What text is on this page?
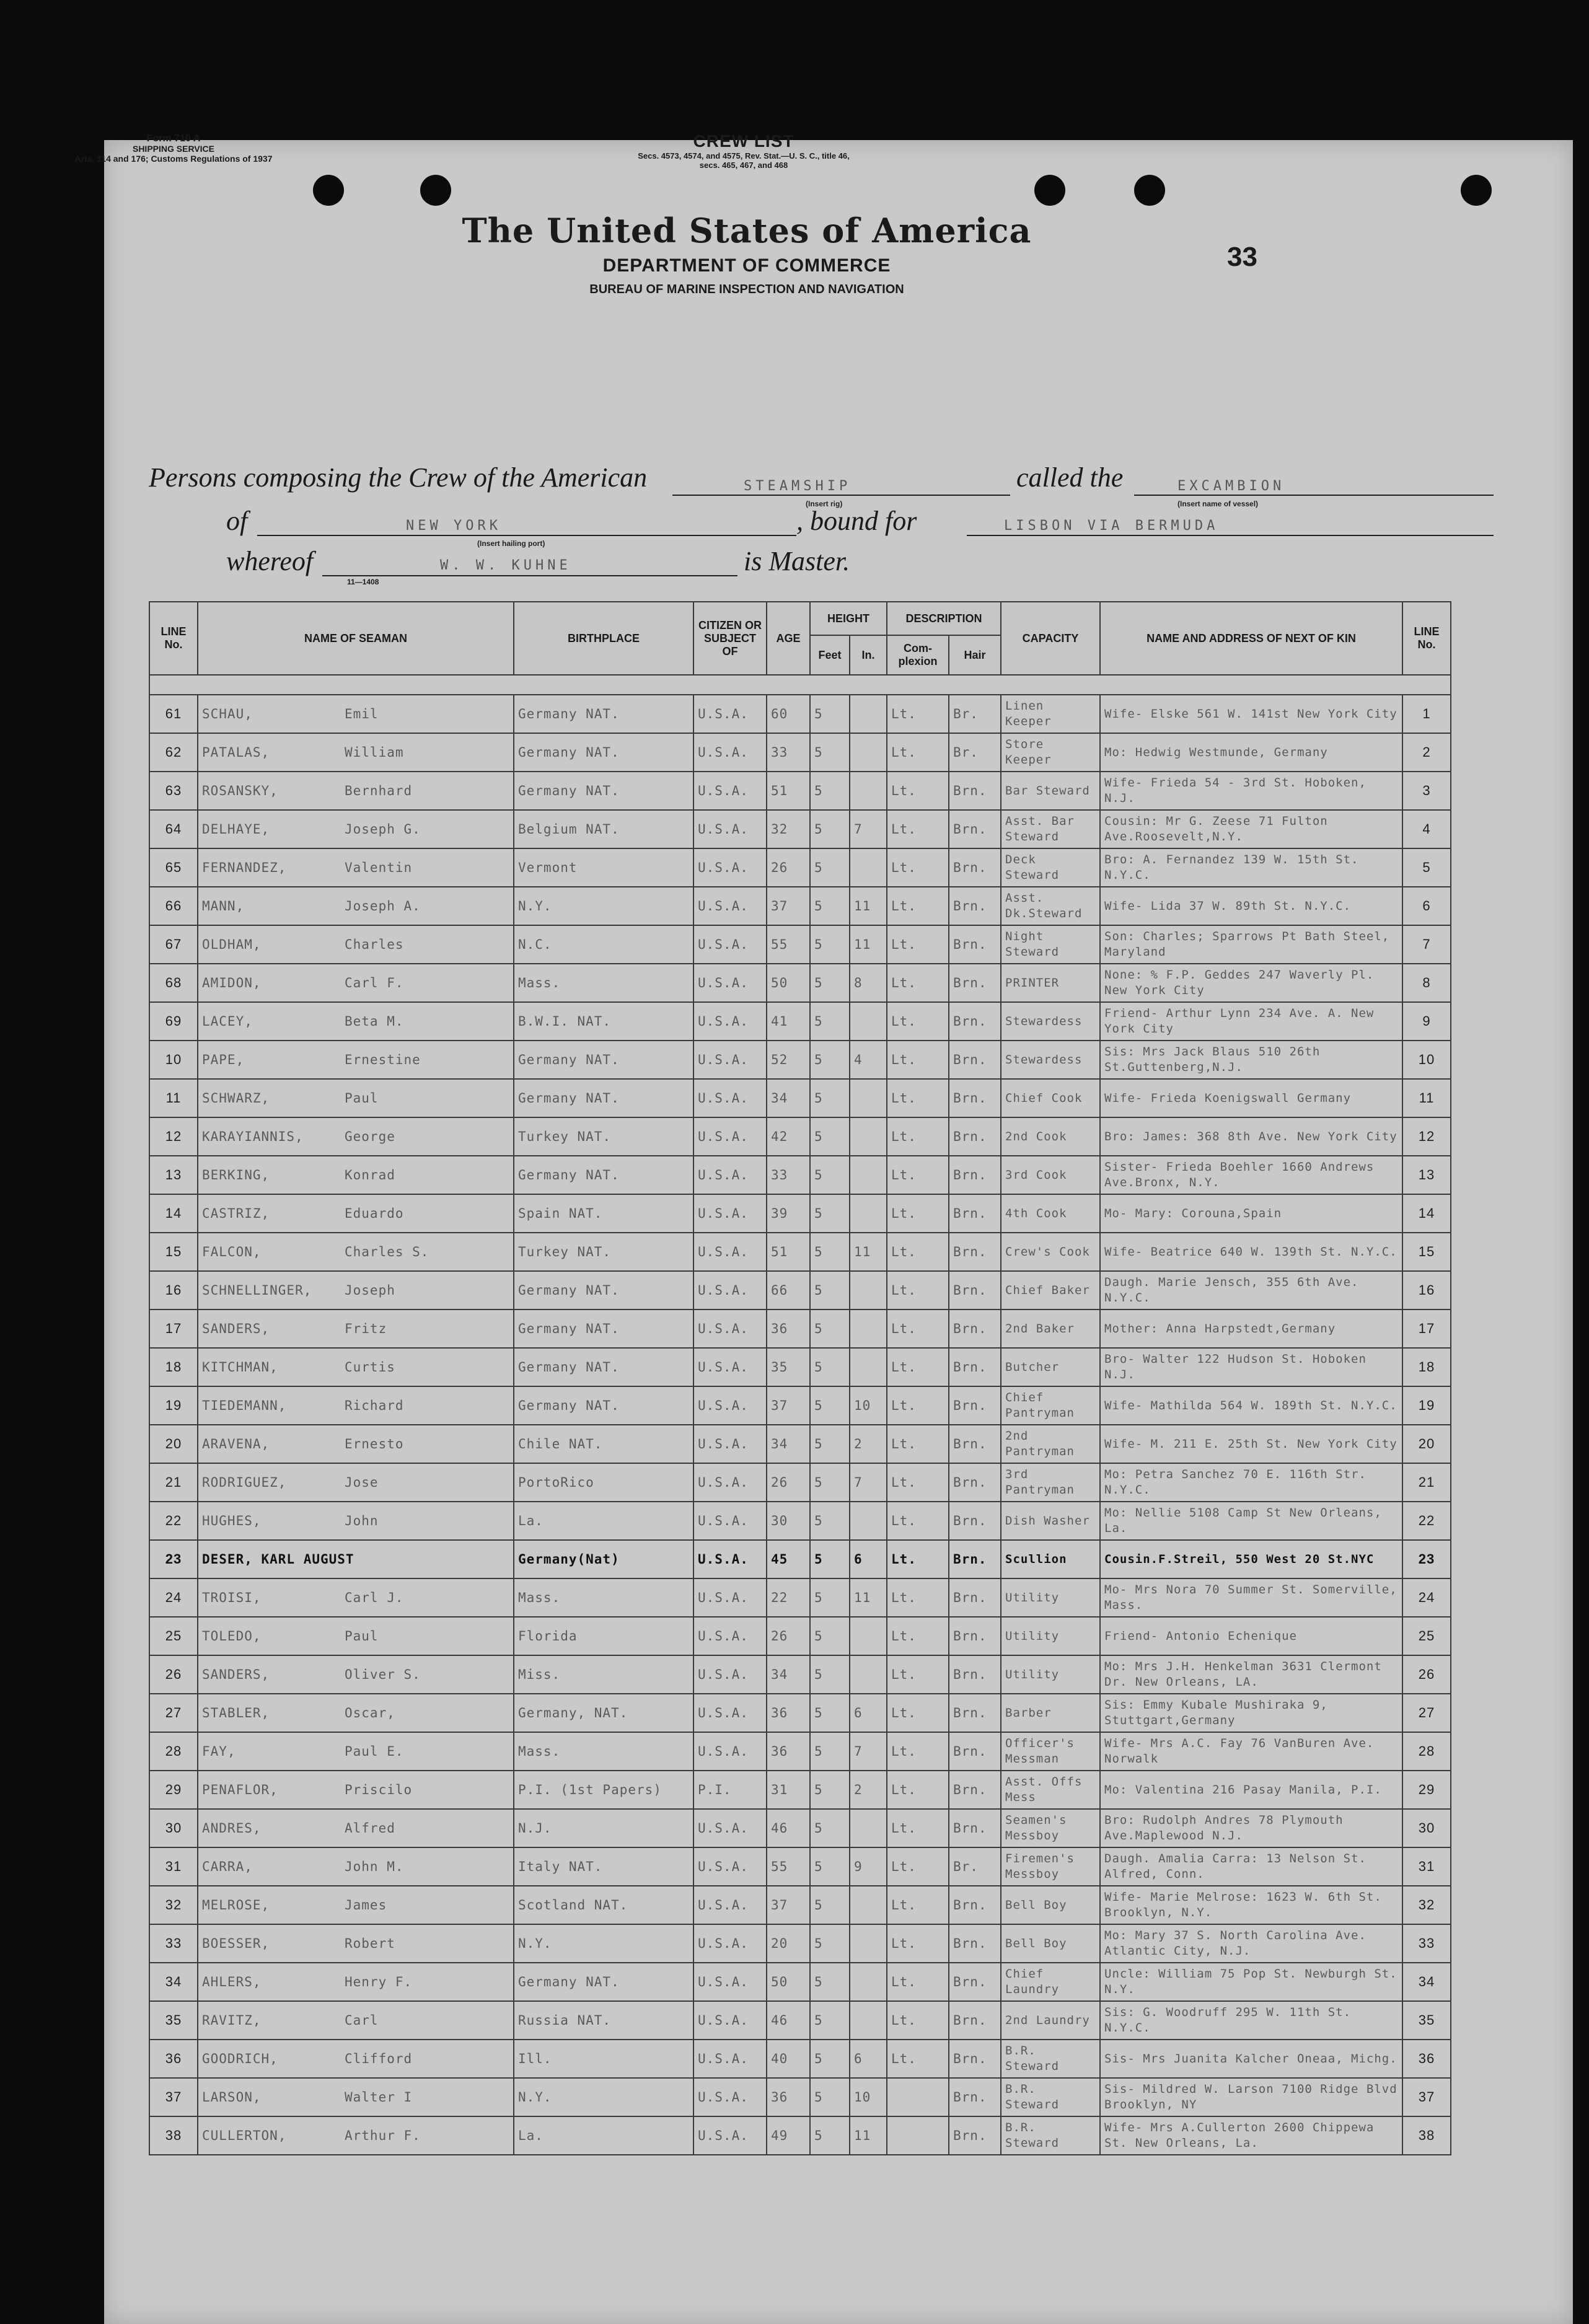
Form 710 A
SHIPPING SERVICE
Arts. 114 and 176; Customs Regulations of 1937
CREW LIST
Secs. 4573, 4574, and 4575, Rev. Stat.—U. S. C., title 46,
secs. 465, 467, and 468
The United States of America
DEPARTMENT OF COMMERCE
BUREAU OF MARINE INSPECTION AND NAVIGATION
33
Persons composing the Crew of the American	STEAMSHIP
(Insert rig)
called the	EXCAMBION
(Insert name of vessel)
of	NEW YORK
(Insert hailing port)
, bound for	LISBON VIA BERMUDA
whereof	W. W. KUHNE	is Master.
11—1408
LINE No.	NAME OF SEAMAN	BIRTHPLACE	CITIZEN OR SUBJECT OF	AGE	HEIGHT		DESCRIPTION		CAPACITY	NAME AND ADDRESS OF NEXT OF KIN	LINE No.
					Feet	In.	Com-plexion	Hair			

61	SCHAU, Emil	Germany NAT.	U.S.A.	60	5		Lt.	Br.	Linen Keeper	Wife- Elske 561 W. 141st New York City	1
62	PATALAS, William	Germany NAT.	U.S.A.	33	5		Lt.	Br.	Store Keeper	Mo: Hedwig Westmunde, Germany	2
63	ROSANSKY, Bernhard	Germany NAT.	U.S.A.	51	5		Lt.	Brn.	Bar Steward	Wife- Frieda 54 - 3rd St. Hoboken, N.J.	3
64	DELHAYE, Joseph G.	Belgium NAT.	U.S.A.	32	5	7	Lt.	Brn.	Asst. Bar Steward	Cousin: Mr G. Zeese 71 Fulton Ave.Roosevelt,N.Y.	4
65	FERNANDEZ, Valentin	Vermont	U.S.A.	26	5		Lt.	Brn.	Deck Steward	Bro: A. Fernandez 139 W. 15th St. N.Y.C.	5
66	MANN, Joseph A.	N.Y.	U.S.A.	37	5	11	Lt.	Brn.	Asst. Dk.Steward	Wife- Lida 37 W. 89th St. N.Y.C.	6
67	OLDHAM, Charles	N.C.	U.S.A.	55	5	11	Lt.	Brn.	Night Steward	Son: Charles; Sparrows Pt Bath Steel, Maryland	7
68	AMIDON, Carl F.	Mass.	U.S.A.	50	5	8	Lt.	Brn.	PRINTER	None: % F.P. Geddes 247 Waverly Pl. New York City	8
69	LACEY, Beta M.	B.W.I. NAT.	U.S.A.	41	5		Lt.	Brn.	Stewardess	Friend- Arthur Lynn 234 Ave. A. New York City	9
10	PAPE, Ernestine	Germany NAT.	U.S.A.	52	5	4	Lt.	Brn.	Stewardess	Sis: Mrs Jack Blaus 510 26th St.Guttenberg,N.J.	10
11	SCHWARZ, Paul	Germany NAT.	U.S.A.	34	5		Lt.	Brn.	Chief Cook	Wife- Frieda Koenigswall Germany	11
12	KARAYIANNIS, George	Turkey NAT.	U.S.A.	42	5		Lt.	Brn.	2nd Cook	Bro: James: 368 8th Ave. New York City	12
13	BERKING, Konrad	Germany NAT.	U.S.A.	33	5		Lt.	Brn.	3rd Cook	Sister- Frieda Boehler 1660 Andrews Ave.Bronx, N.Y.	13
14	CASTRIZ, Eduardo	Spain NAT.	U.S.A.	39	5		Lt.	Brn.	4th Cook	Mo- Mary: Corouna,Spain	14
15	FALCON, Charles S.	Turkey NAT.	U.S.A.	51	5	11	Lt.	Brn.	Crew's Cook	Wife- Beatrice 640 W. 139th St. N.Y.C.	15
16	SCHNELLINGER, Joseph	Germany NAT.	U.S.A.	66	5		Lt.	Brn.	Chief Baker	Daugh. Marie Jensch, 355 6th Ave. N.Y.C.	16
17	SANDERS, Fritz	Germany NAT.	U.S.A.	36	5		Lt.	Brn.	2nd Baker	Mother: Anna Harpstedt,Germany	17
18	KITCHMAN, Curtis	Germany NAT.	U.S.A.	35	5		Lt.	Brn.	Butcher	Bro- Walter 122 Hudson St. Hoboken N.J.	18
19	TIEDEMANN, Richard	Germany NAT.	U.S.A.	37	5	10	Lt.	Brn.	Chief Pantryman	Wife- Mathilda 564 W. 189th St. N.Y.C.	19
20	ARAVENA, Ernesto	Chile NAT.	U.S.A.	34	5	2	Lt.	Brn.	2nd Pantryman	Wife- M. 211 E. 25th St. New York City	20
21	RODRIGUEZ, Jose	PortoRico	U.S.A.	26	5	7	Lt.	Brn.	3rd Pantryman	Mo: Petra Sanchez 70 E. 116th Str. N.Y.C.	21
22	HUGHES, John	La.	U.S.A.	30	5		Lt.	Brn.	Dish Washer	Mo: Nellie 5108 Camp St New Orleans, La.	22
23	DESER, KARL AUGUST	Germany(Nat)	U.S.A.	45	5	6	Lt.	Brn.	Scullion	Cousin.F.Streil, 550 West 20 St.NYC	23
24	TROISI, Carl J.	Mass.	U.S.A.	22	5	11	Lt.	Brn.	Utility	Mo- Mrs Nora 70 Summer St. Somerville, Mass.	24
25	TOLEDO, Paul	Florida	U.S.A.	26	5		Lt.	Brn.	Utility	Friend- Antonio Echenique	25
26	SANDERS, Oliver S.	Miss.	U.S.A.	34	5		Lt.	Brn.	Utility	Mo: Mrs J.H. Henkelman 3631 Clermont Dr. New Orleans, LA.	26
27	STABLER, Oscar,	Germany, NAT.	U.S.A.	36	5	6	Lt.	Brn.	Barber	Sis: Emmy Kubale Mushiraka 9, Stuttgart,Germany	27
28	FAY, Paul E.	Mass.	U.S.A.	36	5	7	Lt.	Brn.	Officer's Messman	Wife- Mrs A.C. Fay 76 VanBuren Ave. Norwalk	28
29	PENAFLOR, Priscilo	P.I. (1st Papers)	P.I.	31	5	2	Lt.	Brn.	Asst. Offs Mess	Mo: Valentina 216 Pasay Manila, P.I.	29
30	ANDRES, Alfred	N.J.	U.S.A.	46	5		Lt.	Brn.	Seamen's Messboy	Bro: Rudolph Andres 78 Plymouth Ave.Maplewood N.J.	30
31	CARRA, John M.	Italy NAT.	U.S.A.	55	5	9	Lt.	Br.	Firemen's Messboy	Daugh. Amalia Carra: 13 Nelson St. Alfred, Conn.	31
32	MELROSE, James	Scotland NAT.	U.S.A.	37	5		Lt.	Brn.	Bell Boy	Wife- Marie Melrose: 1623 W. 6th St. Brooklyn, N.Y.	32
33	BOESSER, Robert	N.Y.	U.S.A.	20	5		Lt.	Brn.	Bell Boy	Mo: Mary 37 S. North Carolina Ave. Atlantic City, N.J.	33
34	AHLERS, Henry F.	Germany NAT.	U.S.A.	50	5		Lt.	Brn.	Chief Laundry	Uncle: William 75 Pop St. Newburgh St. N.Y.	34
35	RAVITZ, Carl	Russia NAT.	U.S.A.	46	5		Lt.	Brn.	2nd Laundry	Sis: G. Woodruff 295 W. 11th St. N.Y.C.	35
36	GOODRICH, Clifford	Ill.	U.S.A.	40	5	6	Lt.	Brn.	B.R. Steward	Sis- Mrs Juanita Kalcher Oneaa, Michg.	36
37	LARSON, Walter I	N.Y.	U.S.A.	36	5	10		Brn.	B.R. Steward	Sis- Mildred W. Larson 7100 Ridge Blvd Brooklyn, NY	37
38	CULLERTON, Arthur F.	La.	U.S.A.	49	5	11		Brn.	B.R. Steward	Wife- Mrs A.Cullerton 2600 Chippewa St. New Orleans, La.	38
